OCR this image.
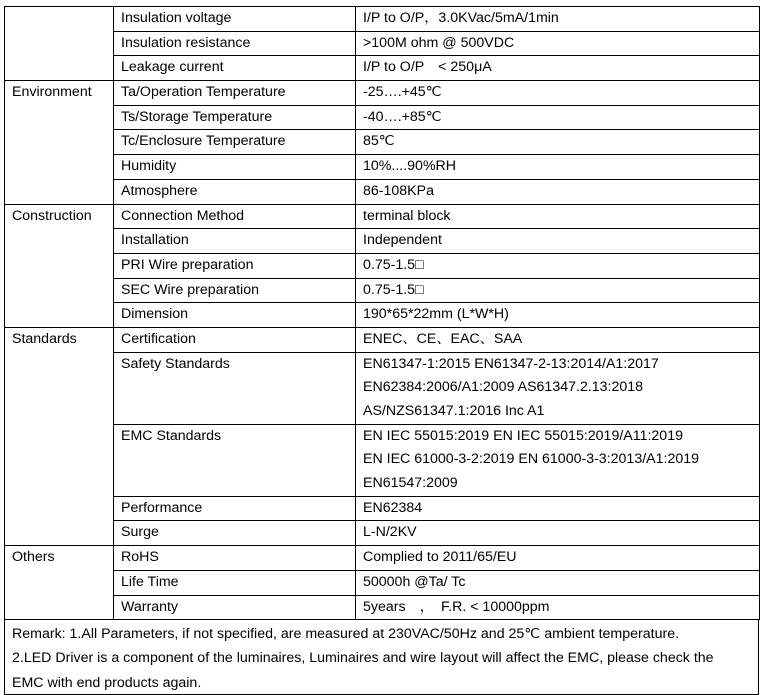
	Insulation voltage	I/P to O/P，3.0KVac/5mA/1min

	Insulation resistance	>100M ohm @ 500VDC

	Leakage current	I/P to O/P　< 250μA

Environment	Ta/Operation Temperature	-25….+45℃

	Ts/Storage Temperature	-40….+85℃

	Tc/Enclosure Temperature	85℃

	Humidity	10%....90%RH

	Atmosphere	86-108KPa

Construction	Connection Method	terminal block

	Installation	Independent

	PRI Wire preparation	0.75-1.5□

	SEC Wire preparation	0.75-1.5□

	Dimension	190*65*22mm (L*W*H)

Standards	Certification	ENEC、CE、EAC、SAA

	Safety Standards	EN61347-1:2015 EN61347-2-13:2014/A1:2017
EN62384:2006/A1:2009 AS61347.2.13:2018
AS/NZS61347.1:2016 Inc A1

	EMC Standards	EN IEC 55015:2019 EN IEC 55015:2019/A11:2019
EN IEC 61000-3-2:2019 EN 61000-3-3:2013/A1:2019
EN61547:2009

	Performance	EN62384

	Surge	L-N/2KV

Others	RoHS	Complied to 2011/65/EU

	Life Time	50000h @Ta/ Tc

	Warranty	5years　，　F.R. < 10000ppm
Remark: 1.All Parameters, if not specified, are measured at 230VAC/50Hz and 25℃ ambient temperature.
2.LED Driver is a component of the luminaires, Luminaires and wire layout will affect the EMC, please check the
EMC with end products again.
